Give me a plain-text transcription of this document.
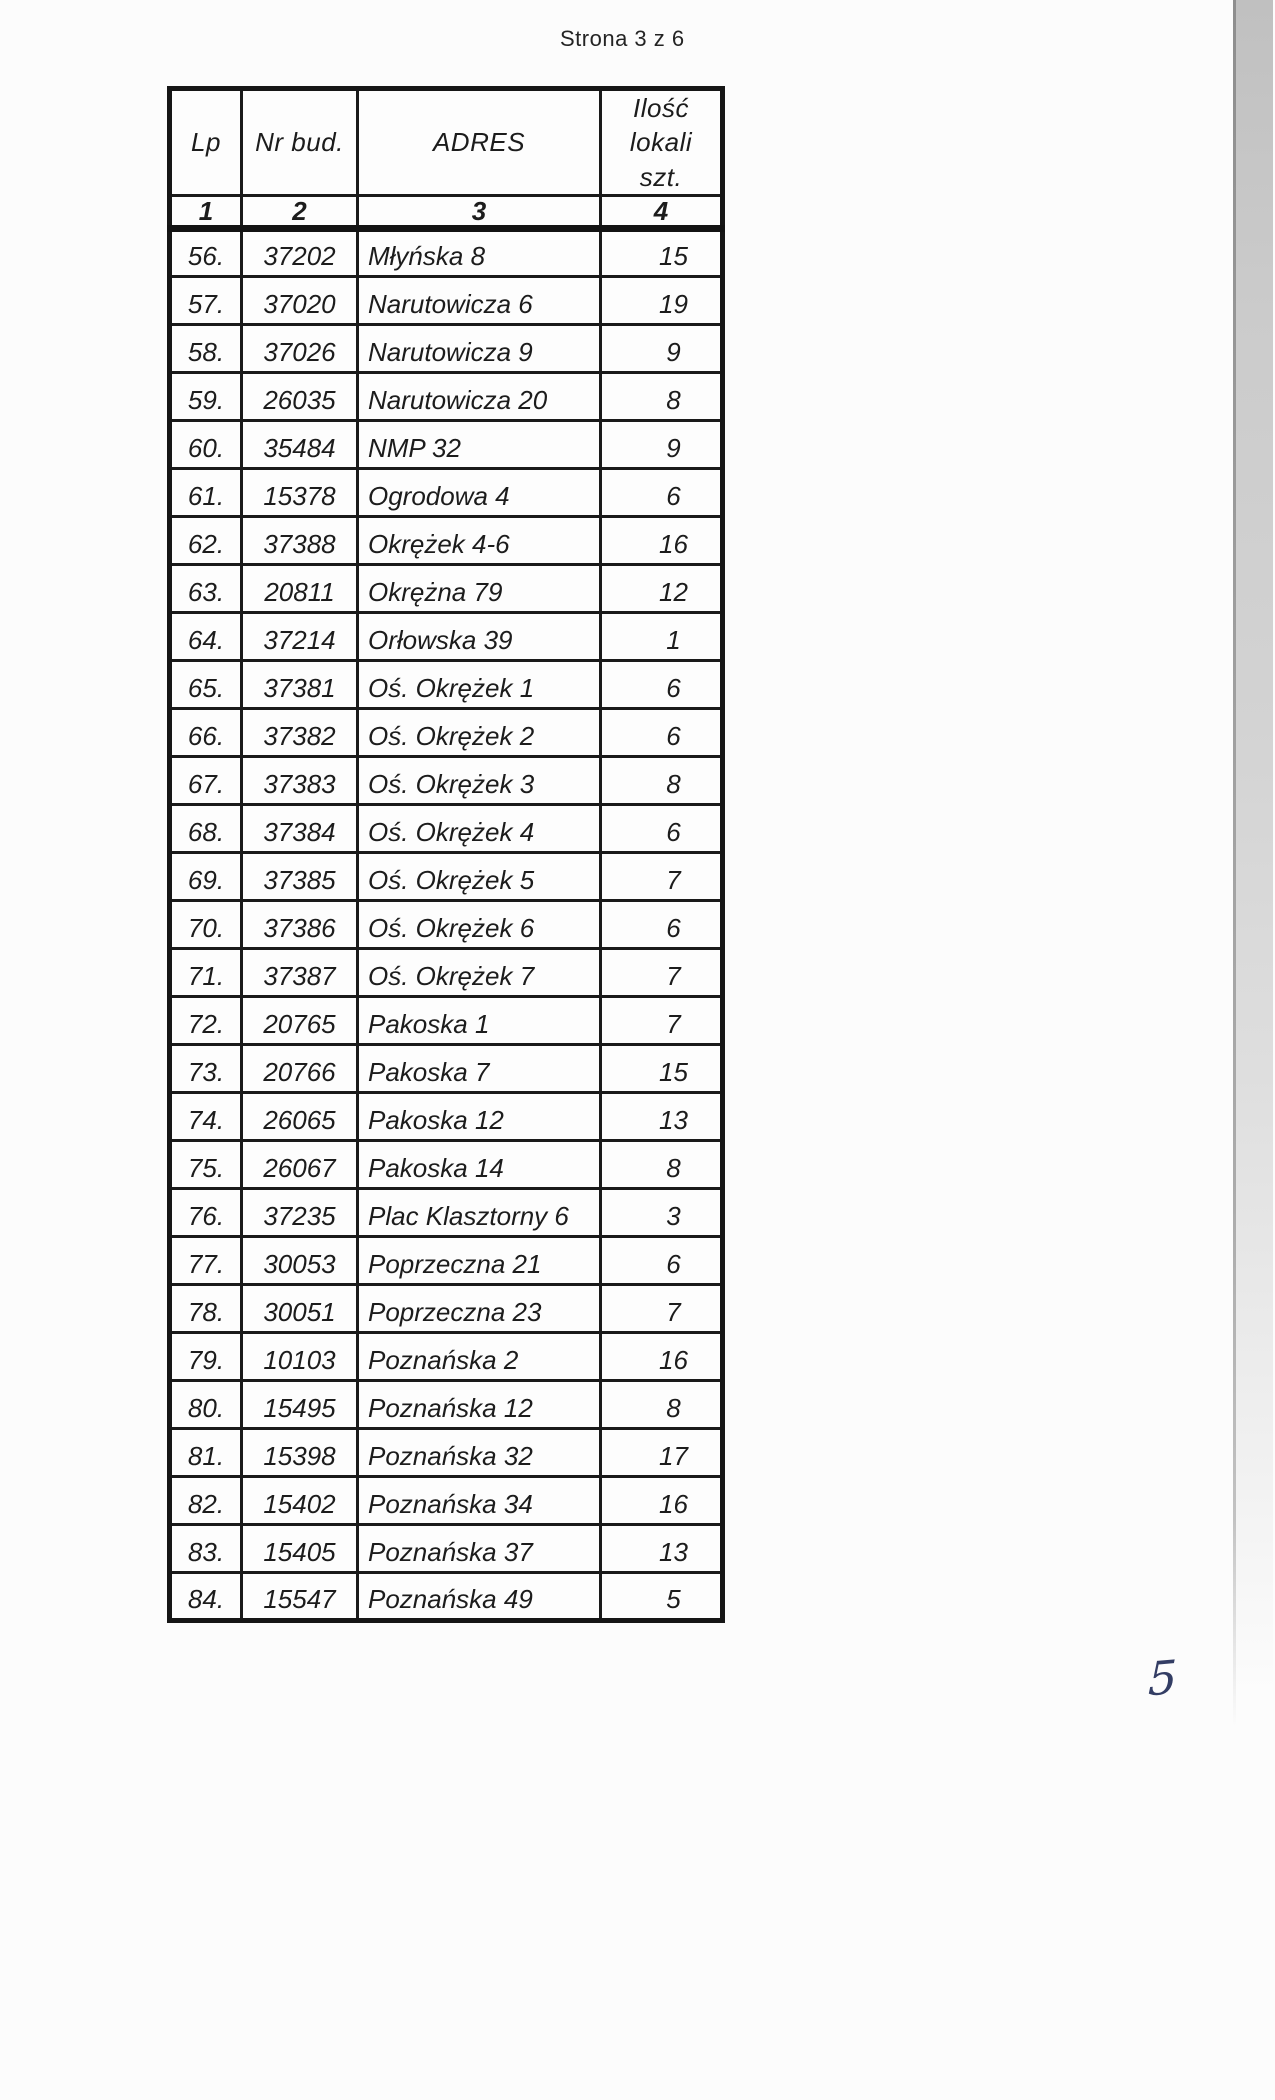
Strona 3 z 6
Lp	Nr bud.	ADRES	Ilość lokali szt.
1	2	3	4
56.	37202	Młyńska 8	15
57.	37020	Narutowicza 6	19
58.	37026	Narutowicza 9	9
59.	26035	Narutowicza 20	8
60.	35484	NMP 32	9
61.	15378	Ogrodowa 4	6
62.	37388	Okrężek 4-6	16
63.	20811	Okrężna 79	12
64.	37214	Orłowska 39	1
65.	37381	Oś. Okrężek 1	6
66.	37382	Oś. Okrężek 2	6
67.	37383	Oś. Okrężek 3	8
68.	37384	Oś. Okrężek 4	6
69.	37385	Oś. Okrężek 5	7
70.	37386	Oś. Okrężek 6	6
71.	37387	Oś. Okrężek 7	7
72.	20765	Pakoska 1	7
73.	20766	Pakoska 7	15
74.	26065	Pakoska 12	13
75.	26067	Pakoska 14	8
76.	37235	Plac Klasztorny 6	3
77.	30053	Poprzeczna 21	6
78.	30051	Poprzeczna 23	7
79.	10103	Poznańska 2	16
80.	15495	Poznańska 12	8
81.	15398	Poznańska 32	17
82.	15402	Poznańska 34	16
83.	15405	Poznańska 37	13
84.	15547	Poznańska 49	5
5
